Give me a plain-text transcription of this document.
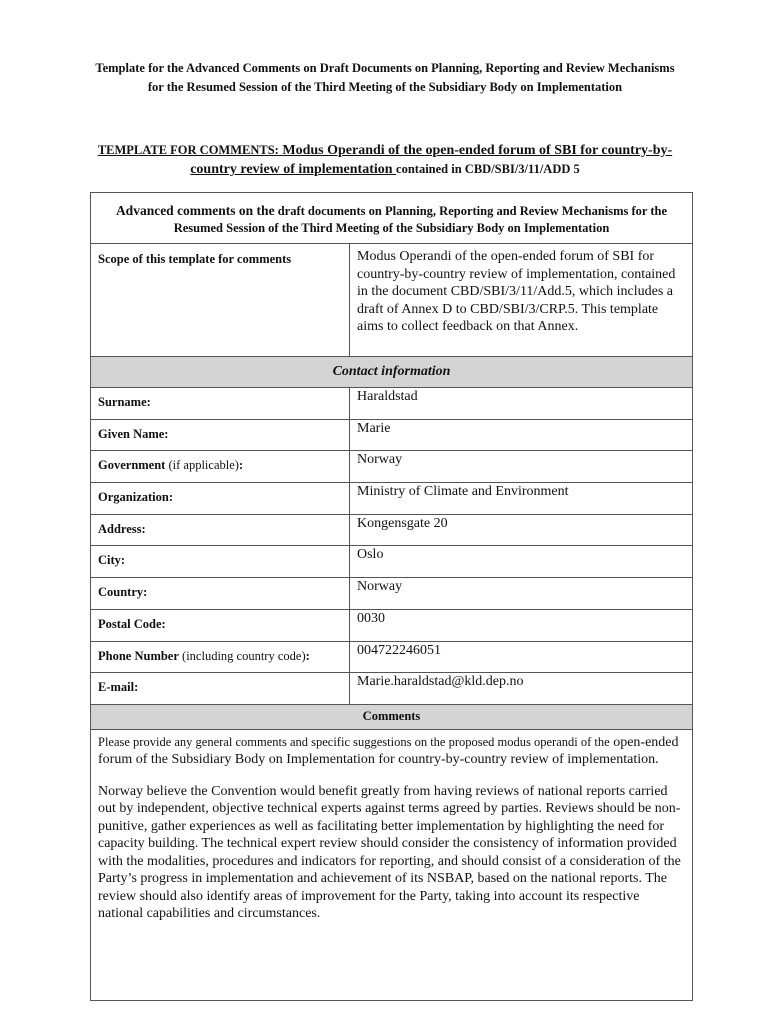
Template for the Advanced Comments on Draft Documents on Planning, Reporting and Review Mechanisms for the Resumed Session of the Third Meeting of the Subsidiary Body on Implementation
TEMPLATE FOR COMMENTS: Modus Operandi of the open-ended forum of SBI for country-by-country review of implementation contained in CBD/SBI/3/11/ADD 5
Advanced comments on the draft documents on Planning, Reporting and Review Mechanisms for the Resumed Session of the Third Meeting of the Subsidiary Body on Implementation	
Scope of this template for comments	Modus Operandi of the open-ended forum of SBI for country-by-country review of implementation, contained in the document CBD/SBI/3/11/Add.5, which includes a draft of Annex D to CBD/SBI/3/CRP.5. This template aims to collect feedback on that Annex.
Contact information	
Surname:	Haraldstad
Given Name:	Marie
Government (if applicable):	Norway
Organization:	Ministry of Climate and Environment
Address:	Kongensgate 20
City:	Oslo
Country:	Norway
Postal Code:	0030
Phone Number (including country code):	004722246051
E-mail:	Marie.haraldstad@kld.dep.no
Comments	

Please provide any general comments and specific suggestions on the proposed modus operandi of the open-ended forum of the Subsidiary Body on Implementation for country-by-country review of implementation.

Norway believe the Convention would benefit greatly from having reviews of national reports carried out by independent, objective technical experts against terms agreed by parties. Reviews should be non-punitive, gather experiences as well as facilitating better implementation by highlighting the need for capacity building. The technical expert review should consider the consistency of information provided with the modalities, procedures and indicators for reporting, and should consist of a consideration of the Party’s progress in implementation and achievement of its NSBAP, based on the national reports. The review should also identify areas of improvement for the Party, taking into account its respective national capabilities and circumstances.	
